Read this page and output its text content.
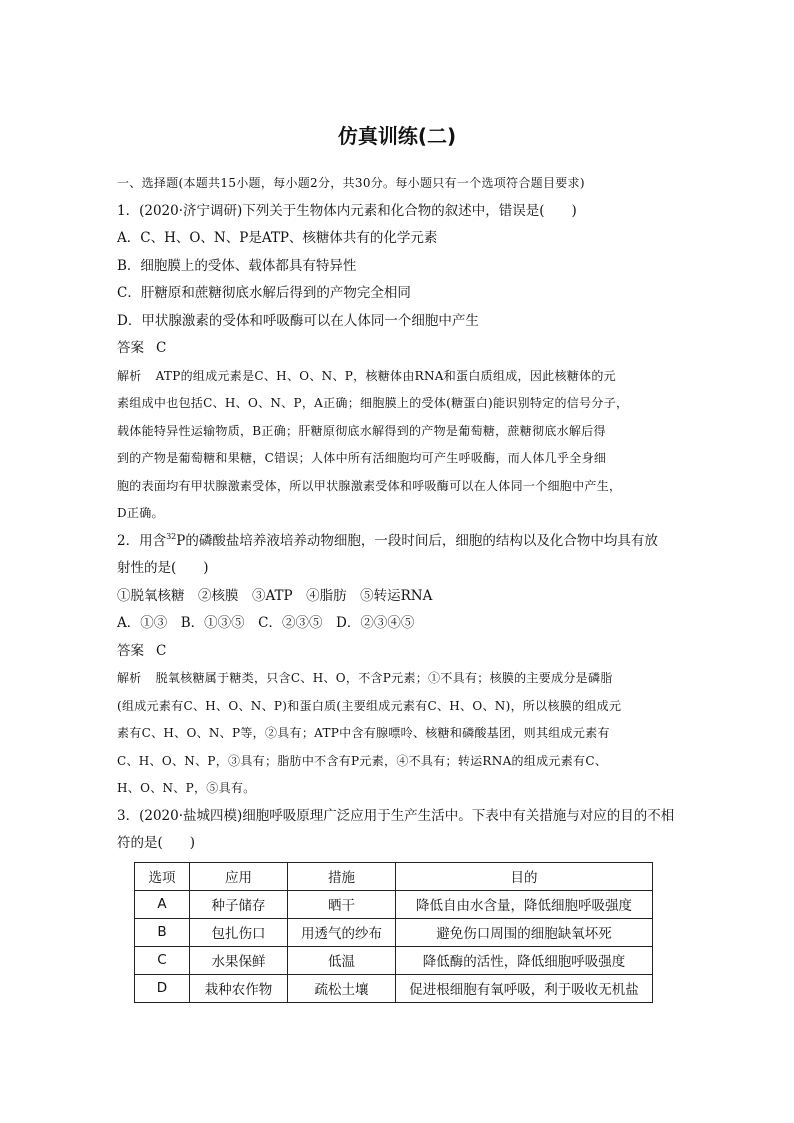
仿真训练(二)
一、选择题(本题共15小题，每小题2分，共30分。每小题只有一个选项符合题目要求)
1．(2020·济宁调研)下列关于生物体内元素和化合物的叙述中，错误是(　　)
A．C、H、O、N、P是ATP、核糖体共有的化学元素
B．细胞膜上的受体、载体都具有特异性
C．肝糖原和蔗糖彻底水解后得到的产物完全相同
D．甲状腺激素的受体和呼吸酶可以在人体同一个细胞中产生
答案 C
解析 ATP的组成元素是C、H、O、N、P，核糖体由RNA和蛋白质组成，因此核糖体的元
素组成中也包括C、H、O、N、P，A正确；细胞膜上的受体(糖蛋白)能识别特定的信号分子，
载体能特异性运输物质，B正确；肝糖原彻底水解得到的产物是葡萄糖，蔗糖彻底水解后得
到的产物是葡萄糖和果糖，C错误；人体中所有活细胞均可产生呼吸酶，而人体几乎全身细
胞的表面均有甲状腺激素受体，所以甲状腺激素受体和呼吸酶可以在人体同一个细胞中产生，
D正确。
2．用含$^{32}$P的磷酸盐培养液培养动物细胞，一段时间后，细胞的结构以及化合物中均具有放
射性的是(　　)
①脱氧核糖　②核膜　③ATP　④脂肪　⑤转运RNA
A．①③　B．①③⑤　C．②③⑤　D．②③④⑤
答案 C
解析 脱氧核糖属于糖类，只含C、H、O，不含P元素；①不具有；核膜的主要成分是磷脂
(组成元素有C、H、O、N、P)和蛋白质(主要组成元素有C、H、O、N)，所以核膜的组成元
素有C、H、O、N、P等，②具有；ATP中含有腺嘌呤、核糖和磷酸基团，则其组成元素有
C、H、O、N、P，③具有；脂肪中不含有P元素，④不具有；转运RNA的组成元素有C、
H、O、N、P，⑤具有。
3．(2020·盐城四模)细胞呼吸原理广泛应用于生产生活中。下表中有关措施与对应的目的不相
符的是(　　)
选项	应用	措施	目的
A	种子储存	晒干	降低自由水含量，降低细胞呼吸强度
B	包扎伤口	用透气的纱布	避免伤口周围的细胞缺氧坏死
C	水果保鲜	低温	降低酶的活性，降低细胞呼吸强度
D	栽种农作物	疏松土壤	促进根细胞有氧呼吸，利于吸收无机盐
